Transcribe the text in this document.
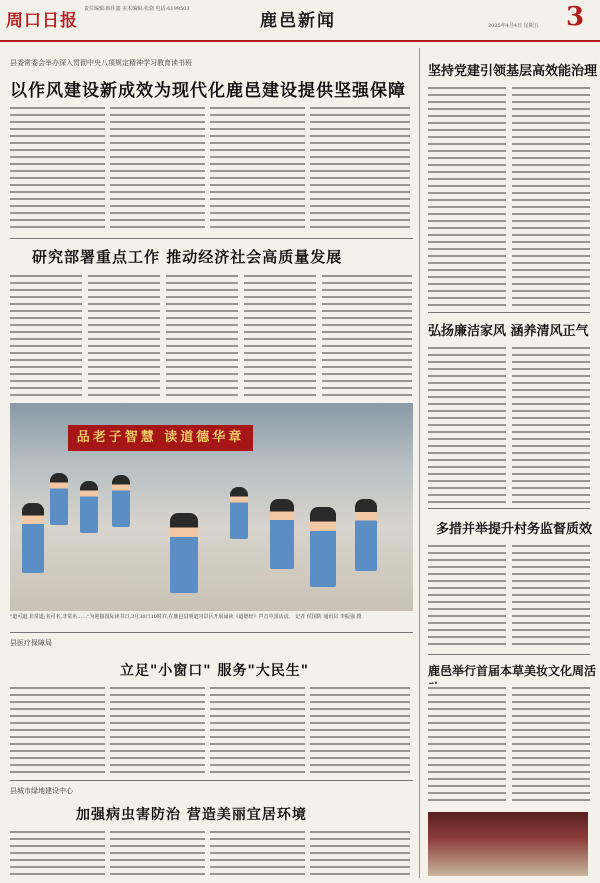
周口日报
责任编辑:韩佳鑫 美术编辑:张骁 电话:6199503
鹿邑新闻	2025年4月4日 星期五 3
县委常委会举办深入贯彻中央八项规定精神学习教育读书班
以作风建设新成效为现代化鹿邑建设提供坚强保障
研究部署重点工作 推动经济社会高质量发展
品老子智慧 读道德华章
"道可道,非常道;名可名,非常名……"为迎接国际读书日,3月30日10时许,在鹿邑县明道宫景区开展诵读《道德经》声音中国活动。 记者 侯国防 通讯员 李振强 摄
县医疗保障局
立足"小窗口" 服务"大民生"
县城市绿地建设中心
加强病虫害防治 营造美丽宜居环境
坚持党建引领基层高效能治理
弘扬廉洁家风 涵养清风正气
多措并举提升村务监督质效
鹿邑举行首届本草美妆文化周活
